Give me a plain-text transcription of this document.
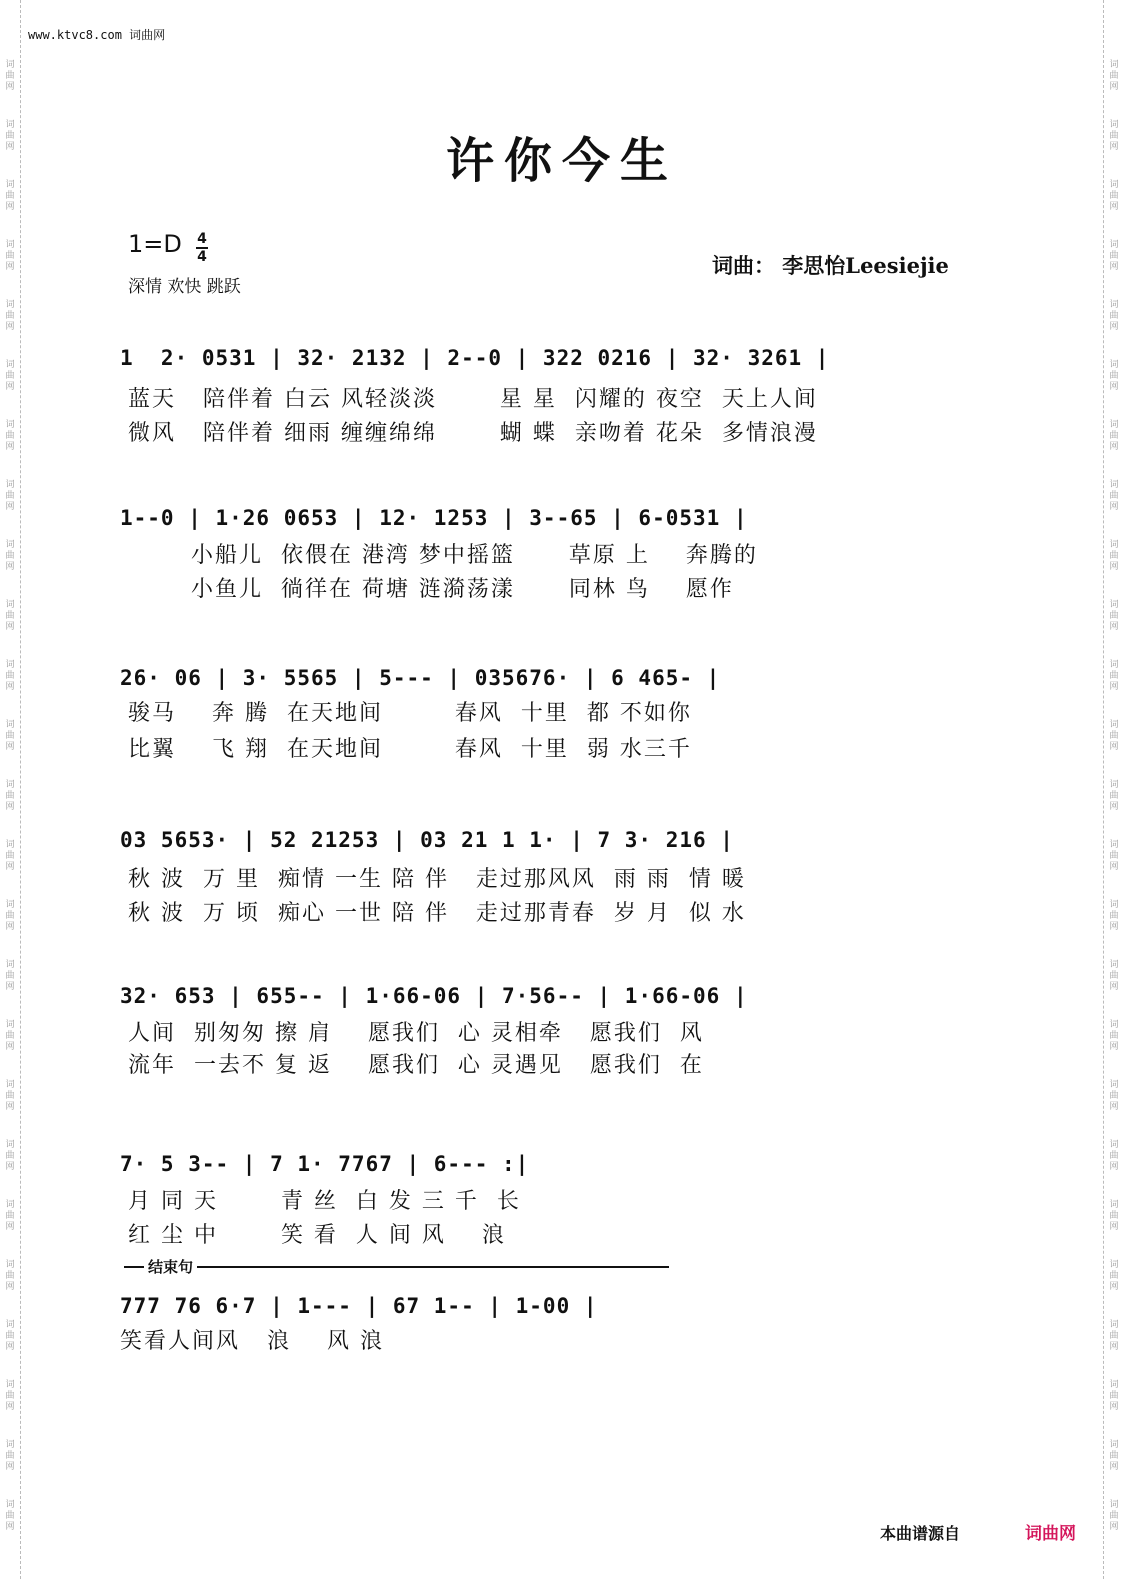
词
曲
网
词
曲
网
词
曲
网
词
曲
网
词
曲
网
词
曲
网
词
曲
网
词
曲
网
词
曲
网
词
曲
网
词
曲
网
词
曲
网
词
曲
网
词
曲
网
词
曲
网
词
曲
网
词
曲
网
词
曲
网
词
曲
网
词
曲
网
词
曲
网
词
曲
网
词
曲
网
词
曲
网
词
曲
网
词
曲
网
词
曲
网
词
曲
网
词
曲
网
词
曲
网
词
曲
网
词
曲
网
词
曲
网
词
曲
网
词
曲
网
词
曲
网
词
曲
网
词
曲
网
词
曲
网
词
曲
网
词
曲
网
词
曲
网
词
曲
网
词
曲
网
词
曲
网
词
曲
网
词
曲
网
词
曲
网
词
曲
网
词
曲
网
www.ktvc8.com 词曲网
许你今生
1=D 4
4
深情 欢快 跳跃
词曲： 李思怡Leesiejie
1  2· 0531 | 32· 2132 | 2--0 | 322 0216 | 32· 3261 |
蓝天   陪伴着 白云 风轻淡淡       星 星  闪耀的 夜空  天上人间
微风   陪伴着 细雨 缠缠绵绵       蝴 蝶  亲吻着 花朵  多情浪漫
1--0 | 1·26 0653 | 12· 1253 | 3--65 | 6-0531 |
小船儿  依偎在 港湾 梦中摇篮      草原 上    奔腾的
小鱼儿  徜徉在 荷塘 涟漪荡漾      同林 鸟    愿作
26· 06 | 3· 5565 | 5--- | 035676· | 6 465- |
骏马    奔 腾  在天地间        春风  十里  都 不如你
比翼    飞 翔  在天地间        春风  十里  弱 水三千
03 5653· | 52 21253 | 03 21 1 1· | 7 3· 216 |
秋 波  万 里  痴情 一生 陪 伴   走过那风风  雨 雨  情 暖
秋 波  万 顷  痴心 一世 陪 伴   走过那青春  岁 月  似 水
32· 653 | 655-- | 1·66-06 | 7·56-- | 1·66-06 |
人间  别匆匆 擦 肩    愿我们  心 灵相牵   愿我们  风
流年  一去不 复 返    愿我们  心 灵遇见   愿我们  在
7· 5 3-- | 7 1· 7767 | 6--- :|
月 同 天       青 丝  白 发 三 千  长
红 尘 中       笑 看  人 间 风    浪
结束句
777 76 6·7 | 1--- | 67 1-- | 1-00 |
笑看人间风   浪    风 浪
本曲谱源自	词曲网
